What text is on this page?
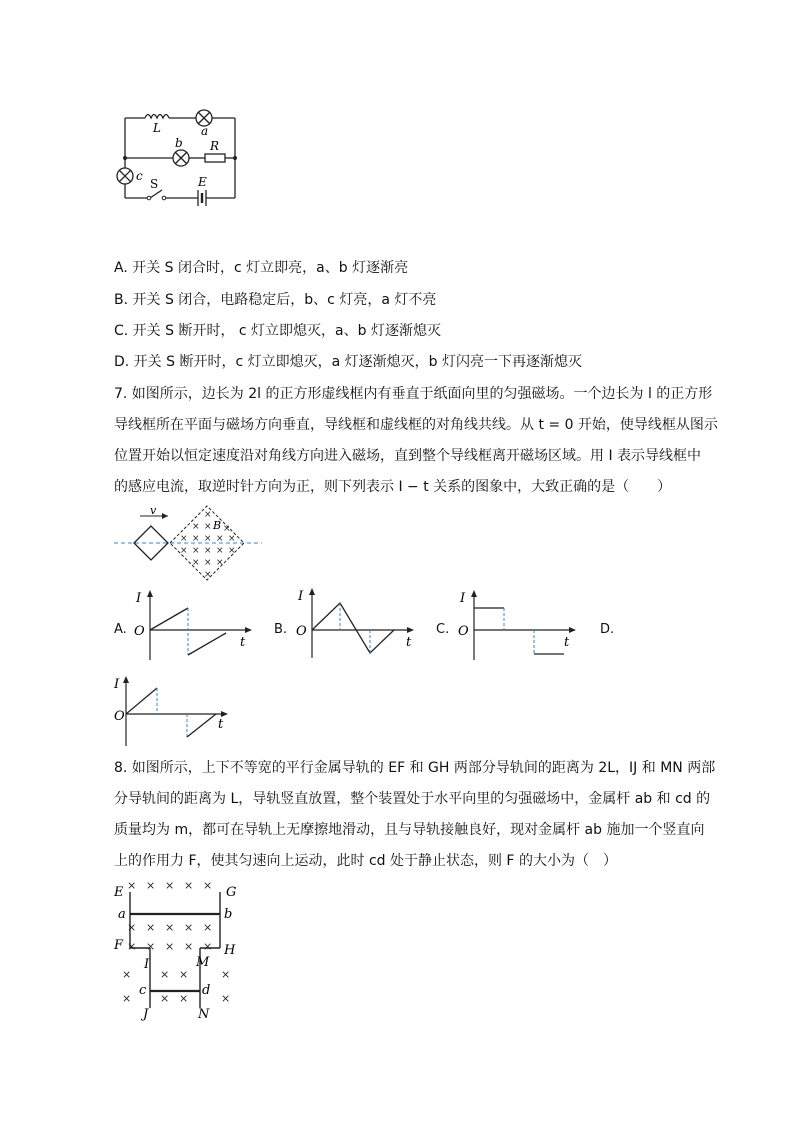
L	a
b R
c
S	E
A. 开关 S 闭合时，c 灯立即亮，a、b 灯逐渐亮
B. 开关 S 闭合，电路稳定后，b、c 灯亮，a 灯不亮
C. 开关 S 断开时， c 灯立即熄灭，a、b 灯逐渐熄灭
D. 开关 S 断开时，c 灯立即熄灭，a 灯逐渐熄灭，b 灯闪亮一下再逐渐熄灭
7. 如图所示，边长为 2l 的正方形虚线框内有垂直于纸面向里的匀强磁场。一个边长为 l 的正方形
导线框所在平面与磁场方向垂直，导线框和虚线框的对角线共线。从 t = 0 开始，使导线框从图示
位置开始以恒定速度沿对角线方向进入磁场，直到整个导线框离开磁场区域。用 I 表示导线框中
的感应电流，取逆时针方向为正，则下列表示 I − t 关系的图象中，大致正确的是（　　）
v
B
×
× × ×
× × × × ×
× × × × ×
× × ×
×
A.
I
O
t
B.
I
O
t
C.
I
O
t
D.
I
O
t
8. 如图所示，上下不等宽的平行金属导轨的 EF 和 GH 两部分导轨间的距离为 2L，IJ 和 MN 两部
分导轨间的距离为 L，导轨竖直放置，整个装置处于水平向里的匀强磁场中，金属杆 ab 和 cd 的
质量均为 m，都可在导轨上无摩擦地滑动，且与导轨接触良好，现对金属杆 ab 施加一个竖直向
上的作用力 F，使其匀速向上运动，此时 cd 处于静止状态，则 F 的大小为（　）
× × × × ×
× × × × ×
× × × × ×
×	× ×	×
×	× ×	×
E	G
a	b
F	H
I	M
c	d
J	N
